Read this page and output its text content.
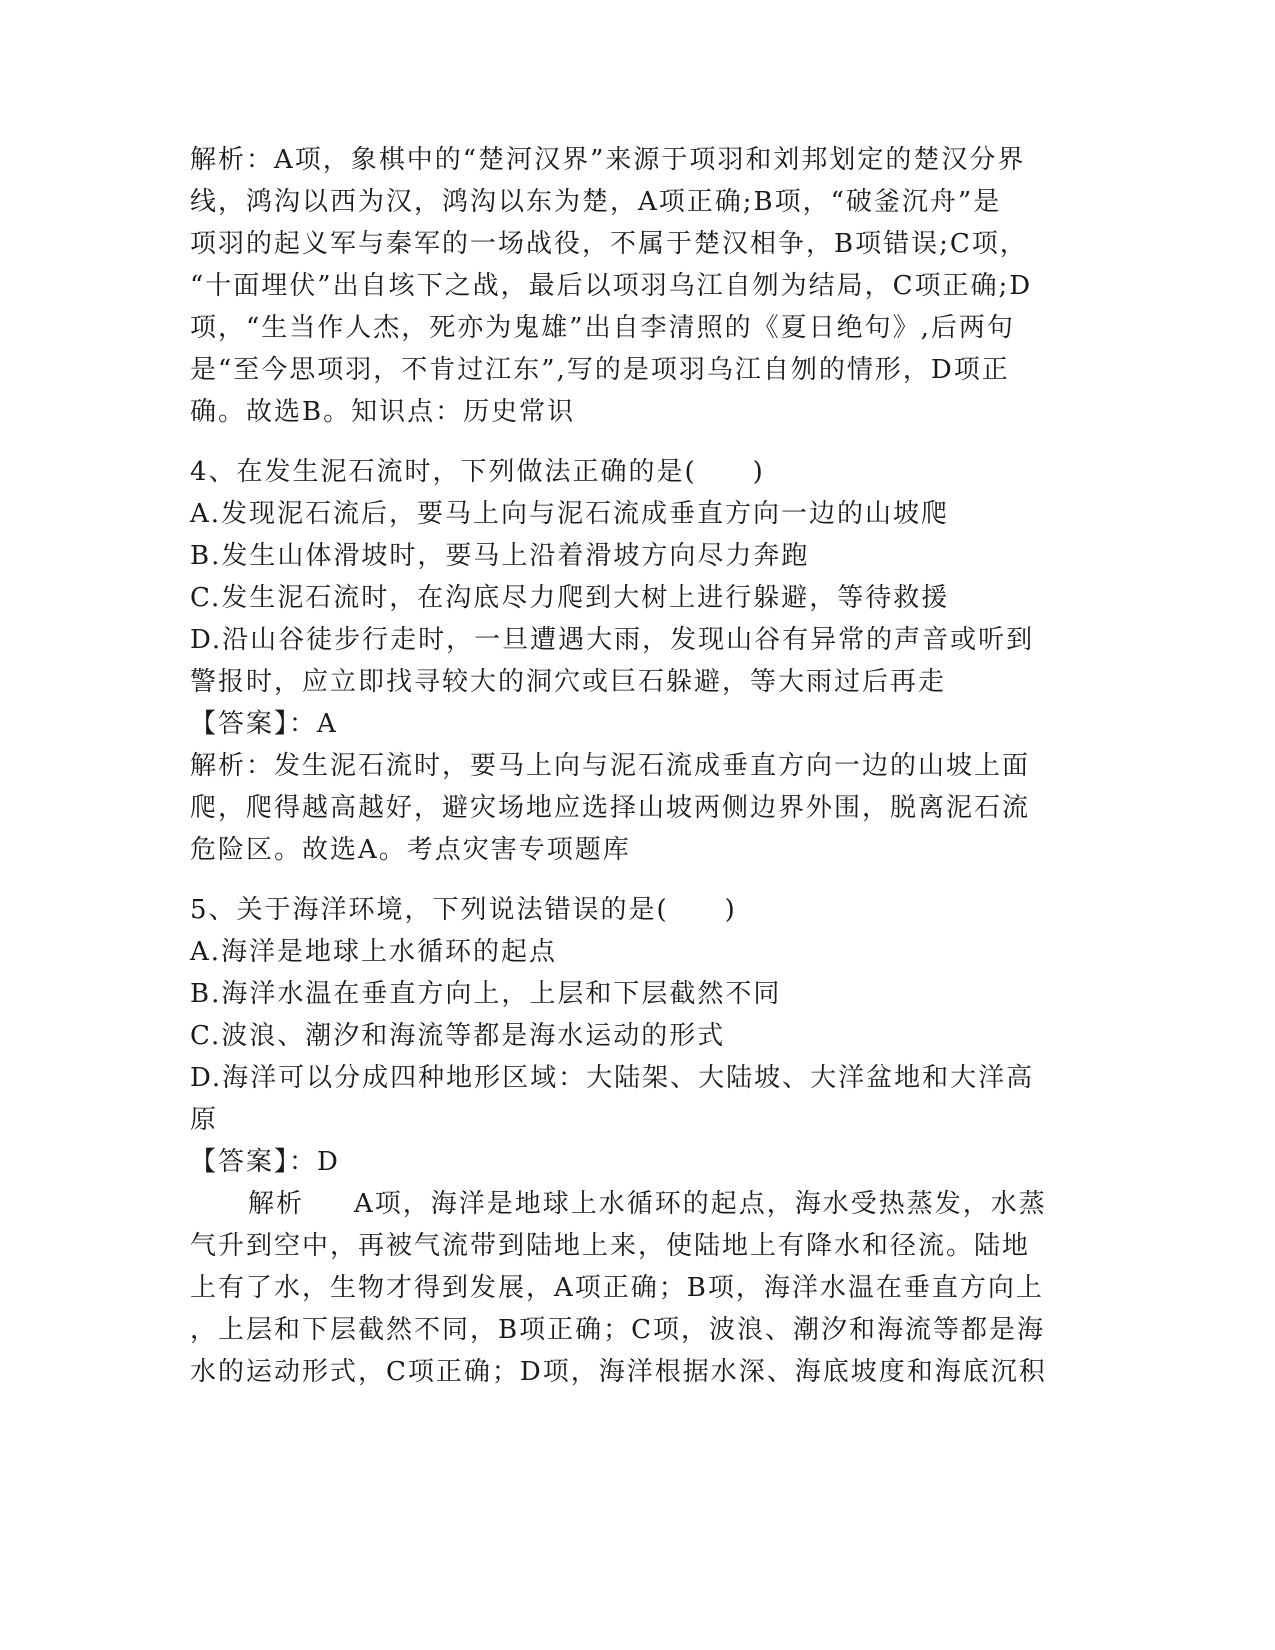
解析：A项，象棋中的“楚河汉界”来源于项羽和刘邦划定的楚汉分界

线，鸿沟以西为汉，鸿沟以东为楚，A项正确;B项，“破釜沉舟”是

项羽的起义军与秦军的一场战役，不属于楚汉相争，B项错误;C项，

“十面埋伏”出自垓下之战，最后以项羽乌江自刎为结局，C项正确;D

项，“生当作人杰，死亦为鬼雄”出自李清照的《夏日绝句》,后两句

是“至今思项羽，不肯过江东”,写的是项羽乌江自刎的情形，D项正

确。故选B。知识点：历史常识

4、在发生泥石流时，下列做法正确的是(　　)

A.发现泥石流后，要马上向与泥石流成垂直方向一边的山坡爬

B.发生山体滑坡时，要马上沿着滑坡方向尽力奔跑

C.发生泥石流时，在沟底尽力爬到大树上进行躲避，等待救援

D.沿山谷徒步行走时，一旦遭遇大雨，发现山谷有异常的声音或听到

警报时，应立即找寻较大的洞穴或巨石躲避，等大雨过后再走

【答案】：A

解析：发生泥石流时，要马上向与泥石流成垂直方向一边的山坡上面

爬，爬得越高越好，避灾场地应选择山坡两侧边界外围，脱离泥石流

危险区。故选A。考点灾害专项题库

5、关于海洋环境，下列说法错误的是(　　)

A.海洋是地球上水循环的起点

B.海洋水温在垂直方向上，上层和下层截然不同

C.波浪、潮汐和海流等都是海水运动的形式

D.海洋可以分成四种地形区域：大陆架、大陆坡、大洋盆地和大洋高

原

【答案】：D

解析 A项，海洋是地球上水循环的起点，海水受热蒸发，水蒸

气升到空中，再被气流带到陆地上来，使陆地上有降水和径流。陆地

上有了水，生物才得到发展，A项正确；B项，海洋水温在垂直方向上

，上层和下层截然不同，B项正确；C项，波浪、潮汐和海流等都是海

水的运动形式，C项正确；D项，海洋根据水深、海底坡度和海底沉积
